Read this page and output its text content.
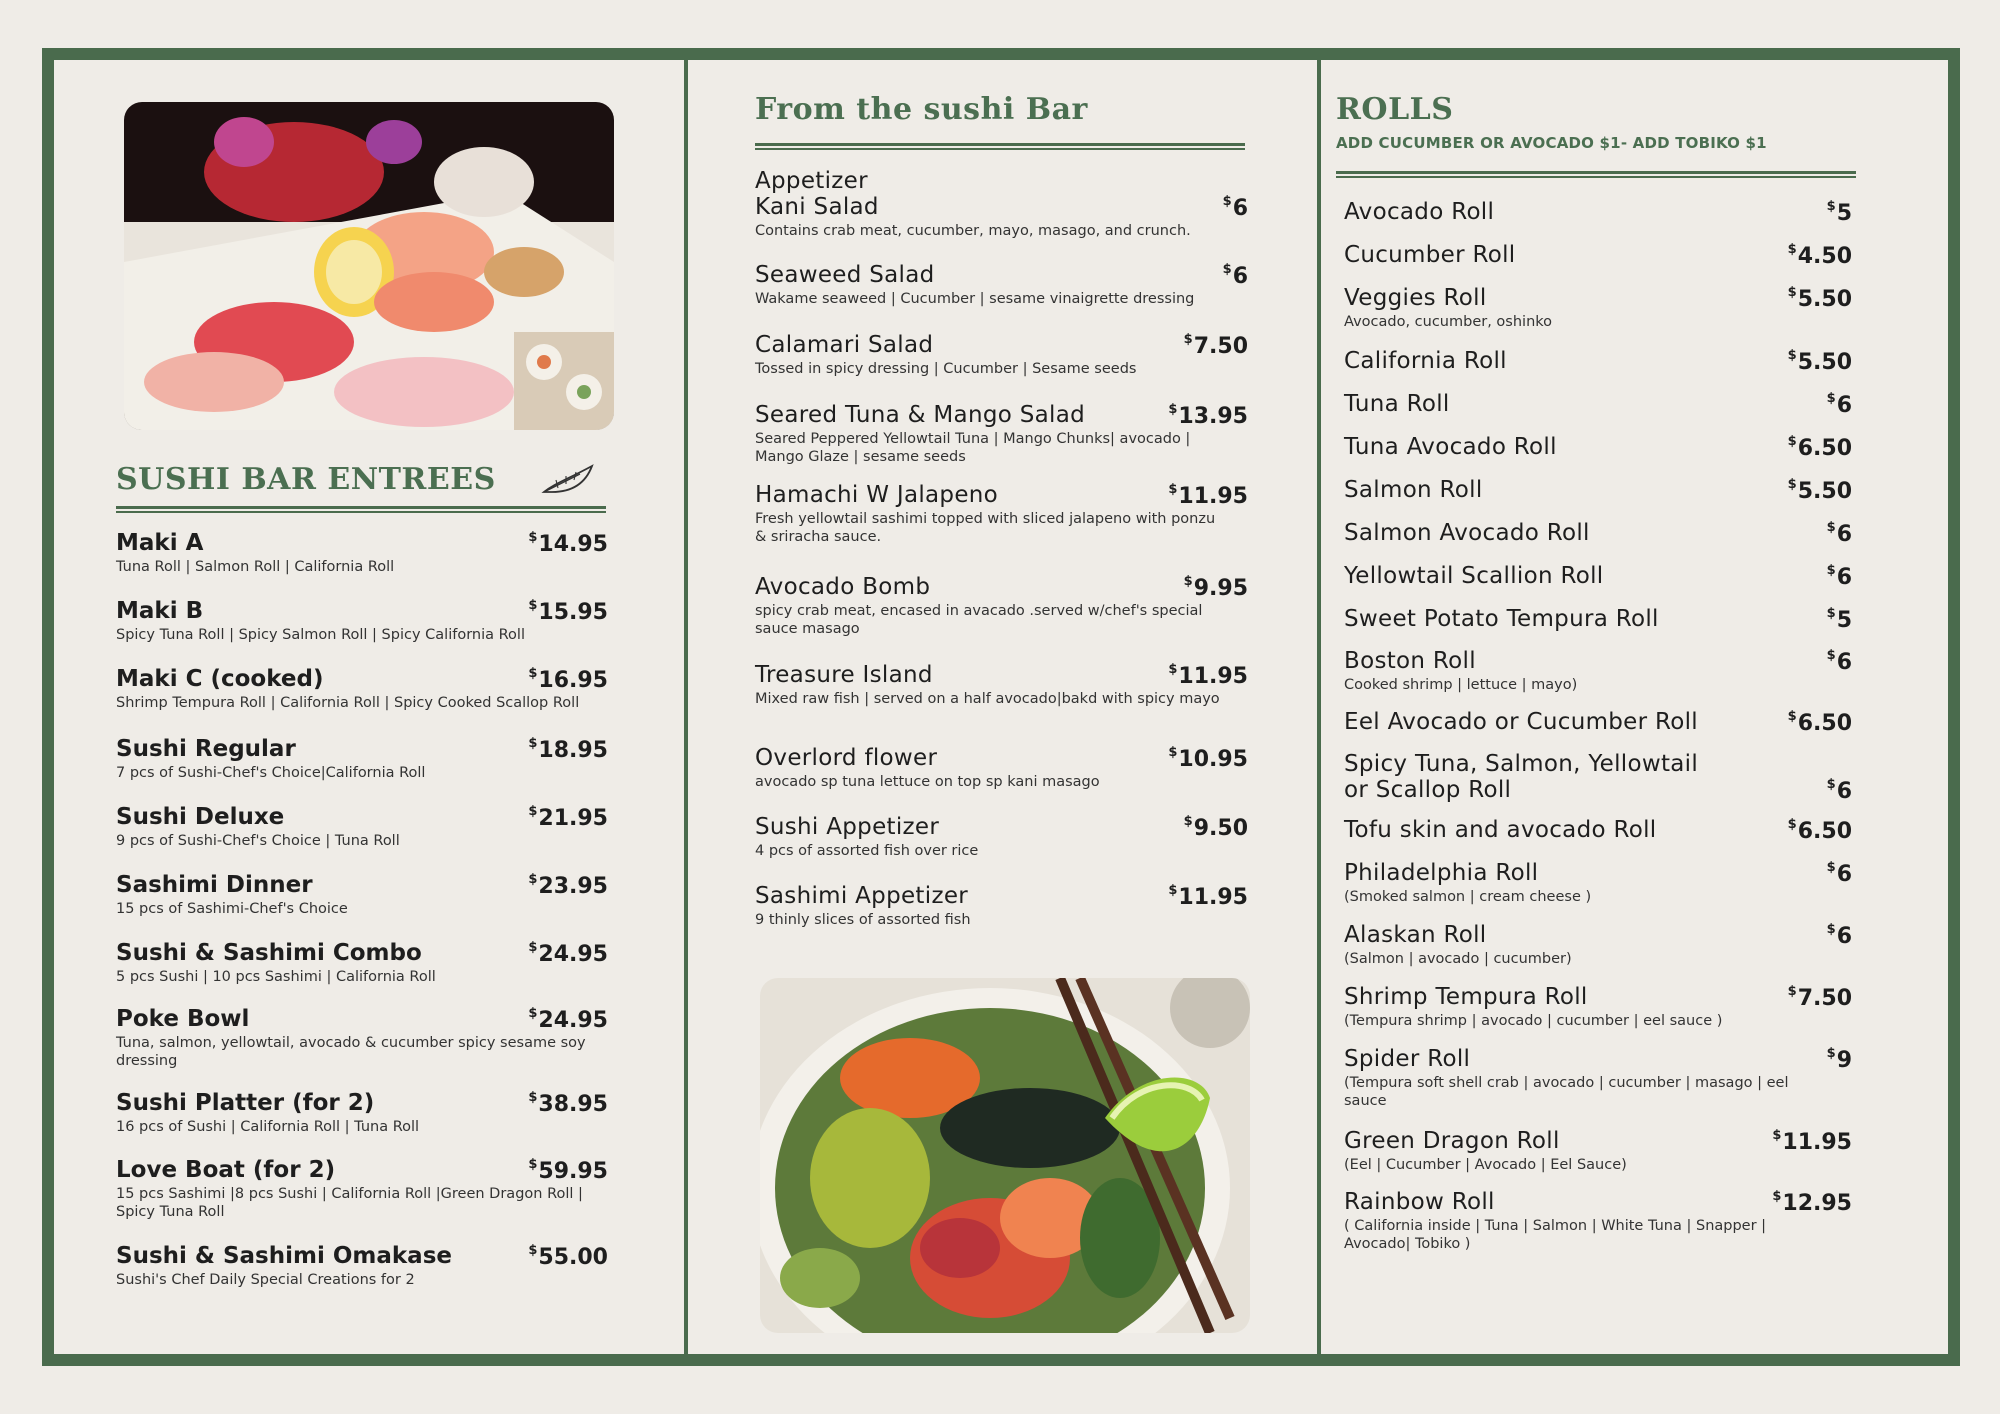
SUSHI BAR ENTREES
Maki A
Tuna Roll | Salmon Roll | California Roll
$14.95
Maki B
Spicy Tuna Roll | Spicy Salmon Roll | Spicy California Roll
$15.95
Maki C (cooked)
Shrimp Tempura Roll | California Roll | Spicy Cooked Scallop Roll
$16.95
Sushi Regular
7 pcs of Sushi-Chef's Choice|California Roll
$18.95
Sushi Deluxe
9 pcs of Sushi-Chef's Choice | Tuna Roll
$21.95
Sashimi Dinner
15 pcs of Sashimi-Chef's Choice
$23.95
Sushi & Sashimi Combo
5 pcs Sushi | 10 pcs Sashimi | California Roll
$24.95
Poke Bowl
Tuna, salmon, yellowtail, avocado & cucumber spicy sesame soy dressing
$24.95
Sushi Platter (for 2)
16 pcs of Sushi | California Roll | Tuna Roll
$38.95
Love Boat (for 2)
15 pcs Sashimi |8 pcs Sushi | California Roll |Green Dragon Roll | Spicy Tuna Roll
$59.95
Sushi & Sashimi Omakase
Sushi's Chef Daily Special Creations for 2
$55.00
From the sushi Bar
Appetizer
Kani Salad
Contains crab meat, cucumber, mayo, masago, and crunch.
$6
Seaweed Salad
Wakame seaweed | Cucumber | sesame vinaigrette dressing
$6
Calamari Salad
Tossed in spicy dressing | Cucumber | Sesame seeds
$7.50
Seared Tuna & Mango Salad
Seared Peppered Yellowtail Tuna | Mango Chunks| avocado | Mango Glaze | sesame seeds
$13.95
Hamachi W Jalapeno
Fresh yellowtail sashimi topped with sliced jalapeno with ponzu & sriracha sauce.
$11.95
Avocado Bomb
spicy crab meat, encased in avacado .served w/chef's special sauce masago
$9.95
Treasure Island
Mixed raw fish | served on a half avocado|bakd with spicy mayo
$11.95
Overlord flower
avocado sp tuna lettuce on top sp kani masago
$10.95
Sushi Appetizer
4 pcs of assorted fish over rice
$9.50
Sashimi Appetizer
9 thinly slices of assorted fish
$11.95
ROLLS
ADD CUCUMBER OR AVOCADO $1- ADD TOBIKO $1
Avocado Roll	$5
Cucumber Roll	$4.50
Veggies Roll
Avocado, cucumber, oshinko
$5.50
California Roll	$5.50
Tuna Roll	$6
Tuna Avocado Roll	$6.50
Salmon Roll	$5.50
Salmon Avocado Roll	$6
Yellowtail Scallion Roll	$6
Sweet Potato Tempura Roll	$5
Boston Roll
Cooked shrimp | lettuce | mayo)
$6
Eel Avocado or Cucumber Roll	$6.50
Spicy Tuna, Salmon, Yellowtail
or Scallop Roll	$6
Tofu skin and avocado Roll	$6.50
Philadelphia Roll
(Smoked salmon | cream cheese )
$6
Alaskan Roll
(Salmon | avocado | cucumber)
$6
Shrimp Tempura Roll
(Tempura shrimp | avocado | cucumber | eel sauce )
$7.50
Spider Roll
(Tempura soft shell crab | avocado | cucumber | masago | eel sauce
$9
Green Dragon Roll
(Eel | Cucumber | Avocado | Eel Sauce)
$11.95
Rainbow Roll
( California inside | Tuna | Salmon | White Tuna | Snapper | Avocado| Tobiko )
$12.95
